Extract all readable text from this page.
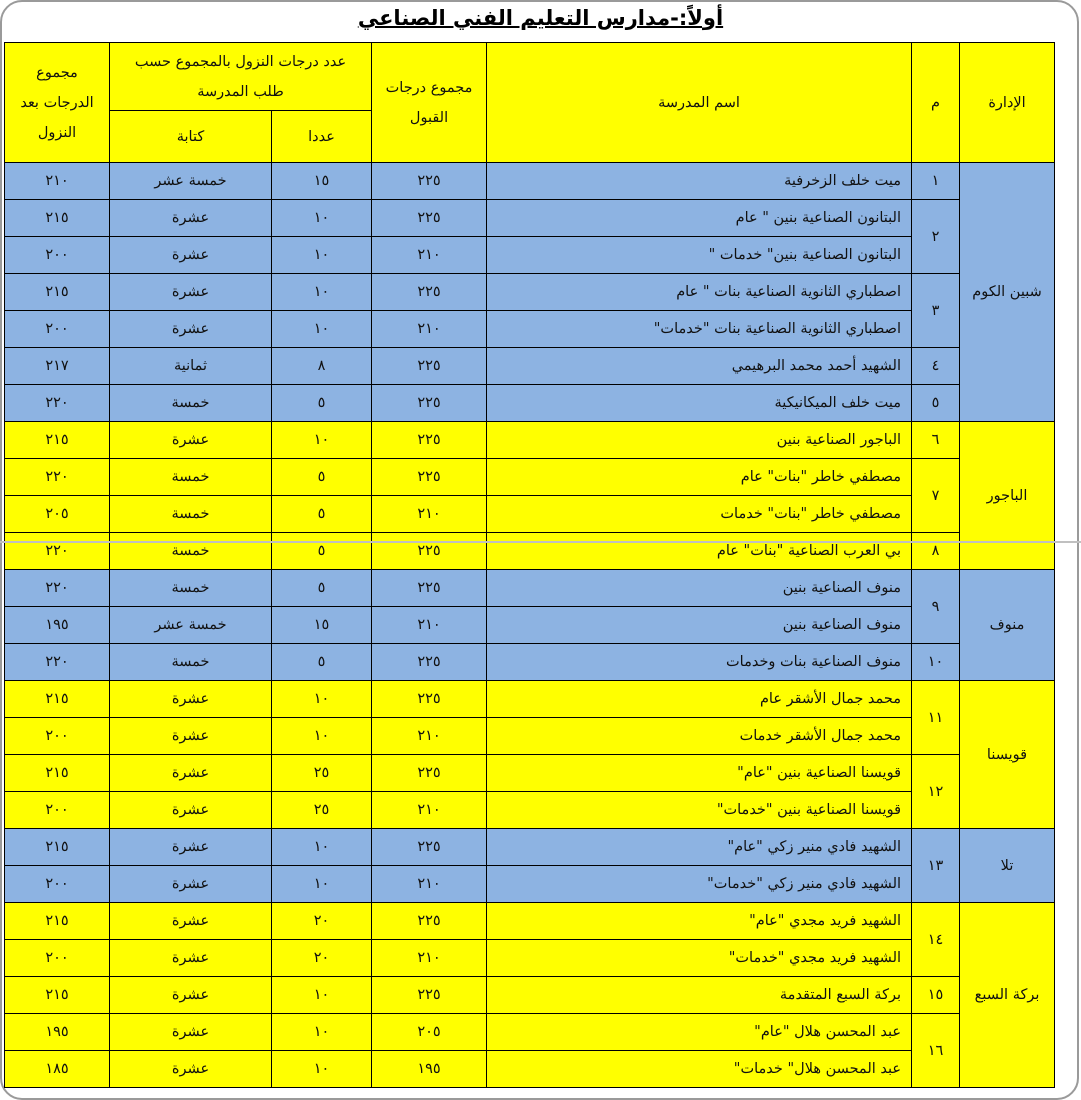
أولاً:-مدارس التعليم الفني الصناعي
الإدارة	م	اسم المدرسة	مجموع درجات القبول	عدد درجات النزول بالمجموع حسب طلب المدرسة		مجموع الدرجات بعد النزول
				عددا	كتابة	
شبين الكوم	١	ميت خلف الزخرفية	٢٢٥	١٥	خمسة عشر	٢١٠
	٢	البتانون الصناعية بنين " عام	٢٢٥	١٠	عشرة	٢١٥
		البتانون الصناعية بنين" خدمات "	٢١٠	١٠	عشرة	٢٠٠
	٣	اصطباري الثانوية الصناعية بنات " عام	٢٢٥	١٠	عشرة	٢١٥
		اصطباري الثانوية الصناعية بنات "خدمات"	٢١٠	١٠	عشرة	٢٠٠
	٤	الشهيد أحمد محمد البرهيمي	٢٢٥	٨	ثمانية	٢١٧
	٥	ميت خلف الميكانيكية	٢٢٥	٥	خمسة	٢٢٠
الباجور	٦	الباجور الصناعية بنين	٢٢٥	١٠	عشرة	٢١٥
	٧	مصطفي خاطر "بنات" عام	٢٢٥	٥	خمسة	٢٢٠
		مصطفي خاطر "بنات" خدمات	٢١٠	٥	خمسة	٢٠٥
	٨	بي العرب الصناعية "بنات" عام	٢٢٥	٥	خمسة	٢٢٠
منوف	٩	منوف الصناعية بنين	٢٢٥	٥	خمسة	٢٢٠
		منوف الصناعية بنين	٢١٠	١٥	خمسة عشر	١٩٥
	١٠	منوف الصناعية بنات وخدمات	٢٢٥	٥	خمسة	٢٢٠
قويسنا	١١	محمد جمال الأشقر عام	٢٢٥	١٠	عشرة	٢١٥
		محمد جمال الأشقر خدمات	٢١٠	١٠	عشرة	٢٠٠
	١٢	قويسنا الصناعية بنين "عام"	٢٢٥	٢٥	عشرة	٢١٥
		قويسنا الصناعية بنين "خدمات"	٢١٠	٢٥	عشرة	٢٠٠
تلا	١٣	الشهيد فادي منير زكي "عام"	٢٢٥	١٠	عشرة	٢١٥
		الشهيد فادي منير زكي "خدمات"	٢١٠	١٠	عشرة	٢٠٠
بركة السبع	١٤	الشهيد فريد مجدي "عام"	٢٢٥	٢٠	عشرة	٢١٥
		الشهيد فريد مجدي "خدمات"	٢١٠	٢٠	عشرة	٢٠٠
	١٥	بركة السبع المتقدمة	٢٢٥	١٠	عشرة	٢١٥
	١٦	عبد المحسن هلال "عام"	٢٠٥	١٠	عشرة	١٩٥
		عبد المحسن هلال" خدمات"	١٩٥	١٠	عشرة	١٨٥
